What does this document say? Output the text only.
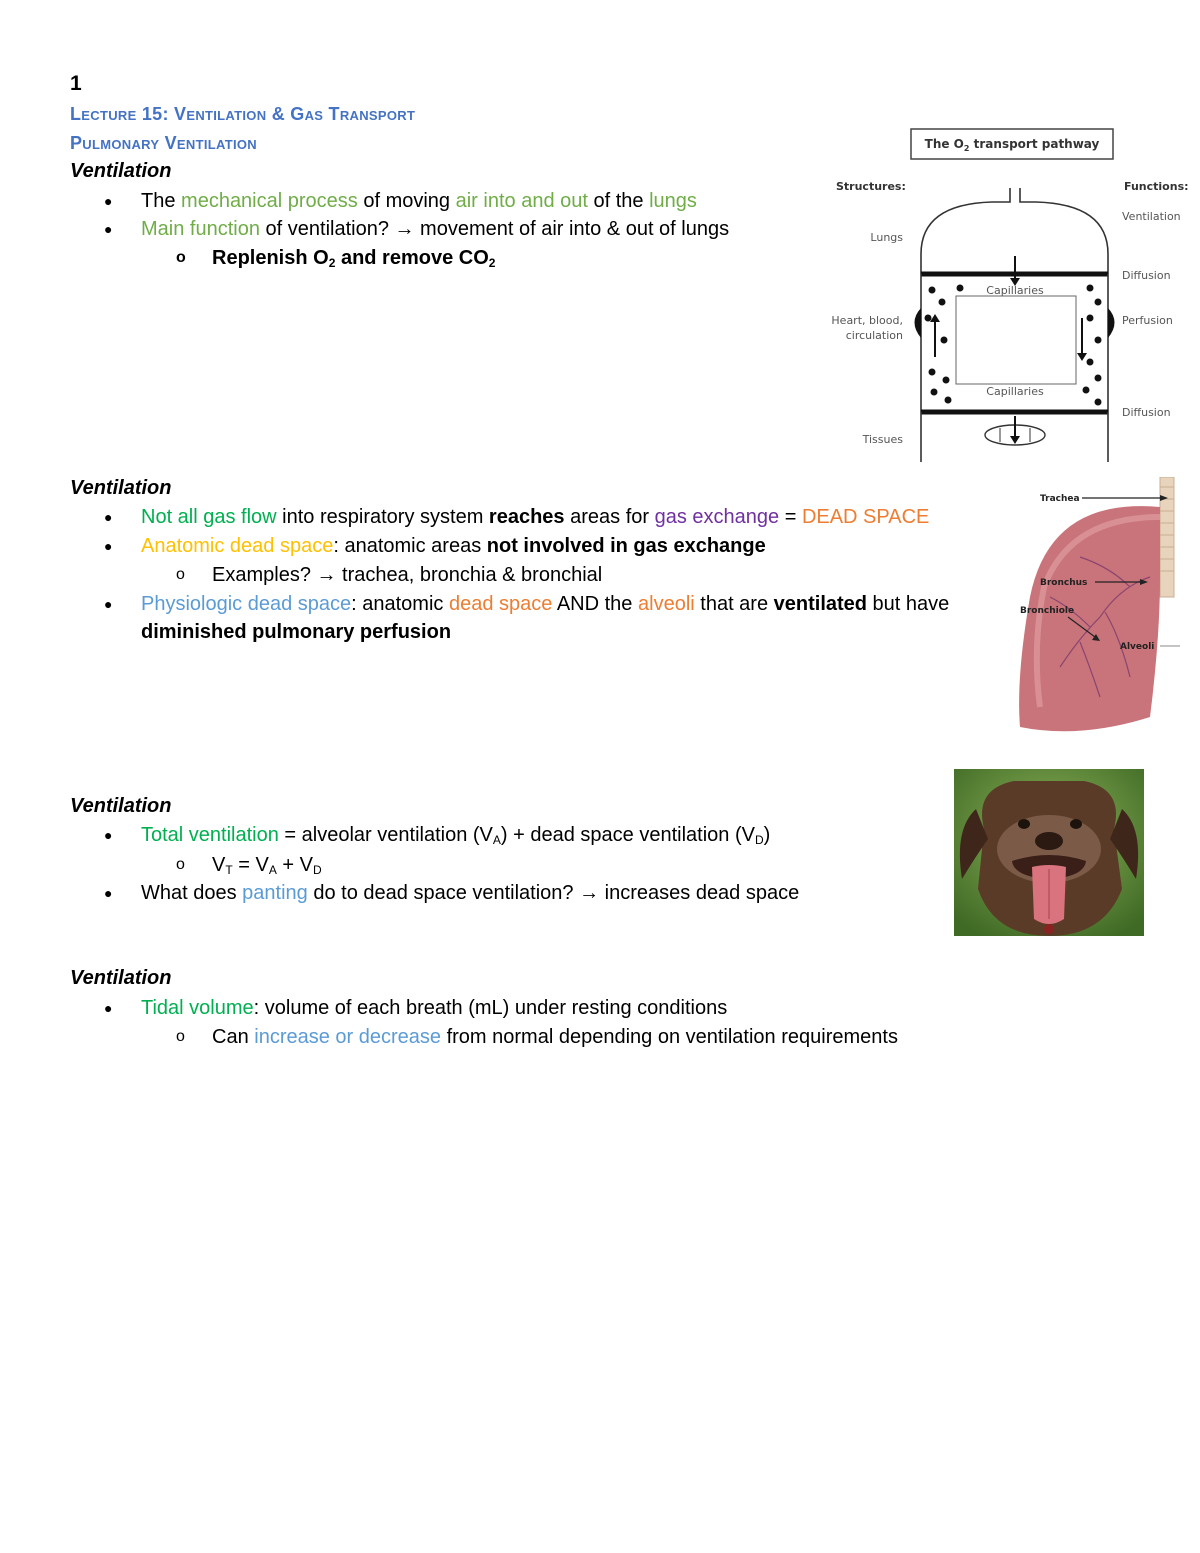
1
Lecture 15: Ventilation & Gas Transport
Pulmonary Ventilation
Ventilation
● The mechanical process of moving air into and out of the lungs
● Main function of ventilation? → movement of air into & out of lungs
o Replenish $O_2$ and remove $CO_2$
The $O_2$ transport pathway
Structures:	Functions:
Lungs
Heart, blood,
circulation
Tissues
Ventilation
Diffusion
Perfusion
Diffusion
Capillaries
Capillaries
Ventilation
● Not all gas flow into respiratory system reaches areas for gas exchange = DEAD SPACE
● Anatomic dead space: anatomic areas not involved in gas exchange
o Examples? → trachea, bronchia & bronchial
● Physiologic dead space: anatomic dead space AND the alveoli that are ventilated but have diminished pulmonary perfusion
Trachea
Bronchus
Bronchiole
Alveoli
Ventilation
● Total ventilation = alveolar ventilation $(V_A)$ + dead space ventilation $(V_D)$
o $V_T = V_A + V_D$
● What does panting do to dead space ventilation? → increases dead space
Ventilation
● Tidal volume: volume of each breath (mL) under resting conditions
o Can increase or decrease from normal depending on ventilation requirements
